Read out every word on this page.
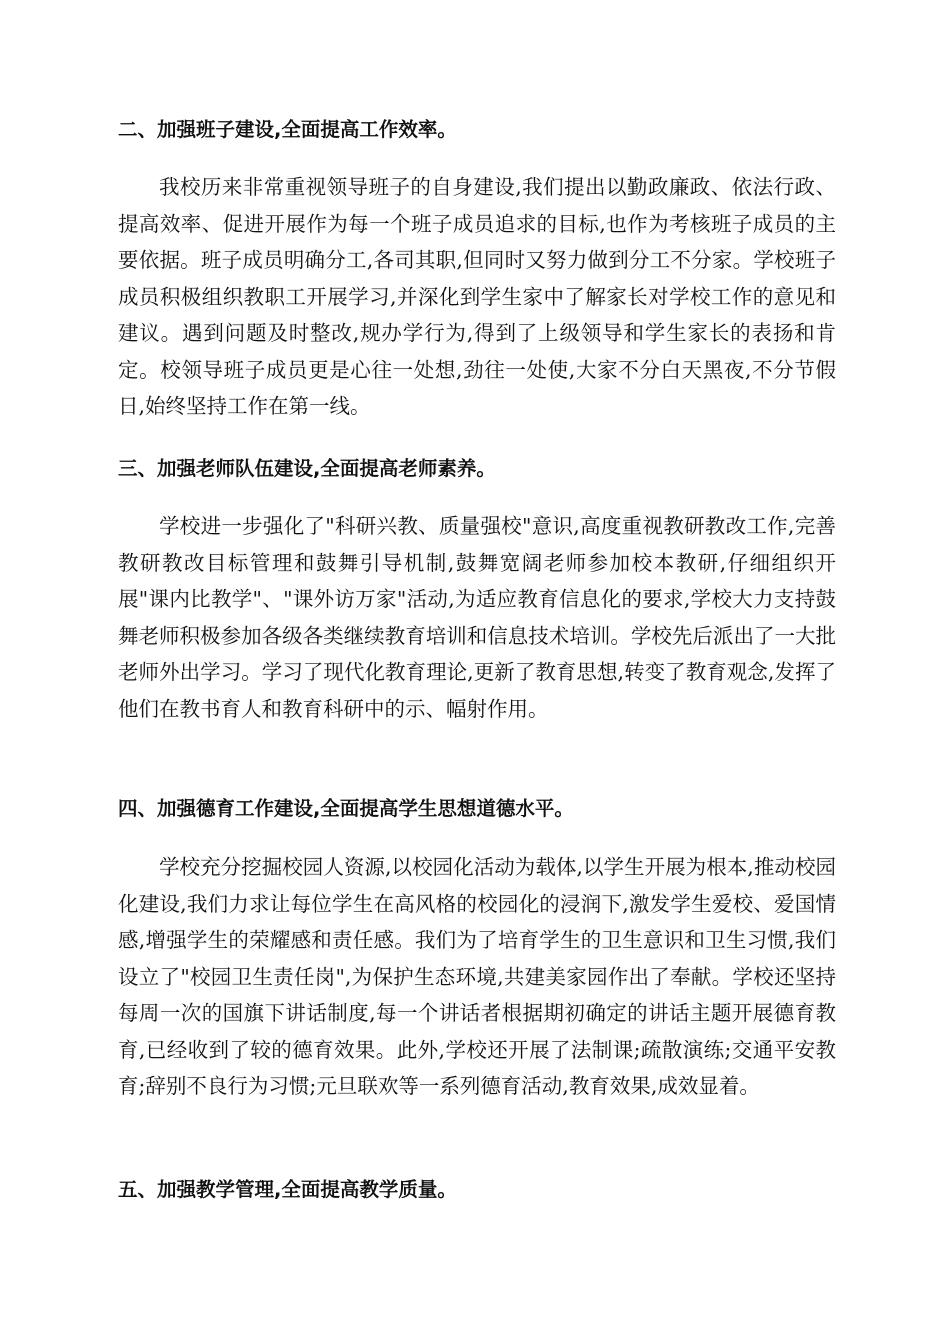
二、加强班子建设,全面提高工作效率。

我校历来非常重视领导班子的自身建设,我们提出以勤政廉政、依法行政、提高效率、促进开展作为每一个班子成员追求的目标,也作为考核班子成员的主要依据。班子成员明确分工,各司其职,但同时又努力做到分工不分家。学校班子成员积极组织教职工开展学习,并深化到学生家中了解家长对学校工作的意见和建议。遇到问题及时整改,规办学行为,得到了上级领导和学生家长的表扬和肯定。校领导班子成员更是心往一处想,劲往一处使,大家不分白天黑夜,不分节假日,始终坚持工作在第一线。

三、加强老师队伍建设,全面提高老师素养。

学校进一步强化了"科研兴教、质量强校"意识,高度重视教研教改工作,完善教研教改目标管理和鼓舞引导机制,鼓舞宽阔老师参加校本教研,仔细组织开展"课内比教学"、"课外访万家"活动,为适应教育信息化的要求,学校大力支持鼓舞老师积极参加各级各类继续教育培训和信息技术培训。学校先后派出了一大批老师外出学习。学习了现代化教育理论,更新了教育思想,转变了教育观念,发挥了他们在教书育人和教育科研中的示、幅射作用。

四、加强德育工作建设,全面提高学生思想道德水平。

学校充分挖掘校园人资源,以校园化活动为载体,以学生开展为根本,推动校园化建设,我们力求让每位学生在高风格的校园化的浸润下,激发学生爱校、爱国情感,增强学生的荣耀感和责任感。我们为了培育学生的卫生意识和卫生习惯,我们设立了"校园卫生责任岗",为保护生态环境,共建美家园作出了奉献。学校还坚持每周一次的国旗下讲话制度,每一个讲话者根据期初确定的讲话主题开展德育教育,已经收到了较的德育效果。此外,学校还开展了法制课;疏散演练;交通平安教育;辞别不良行为习惯;元旦联欢等一系列德育活动,教育效果,成效显着。

五、加强教学管理,全面提高教学质量。
